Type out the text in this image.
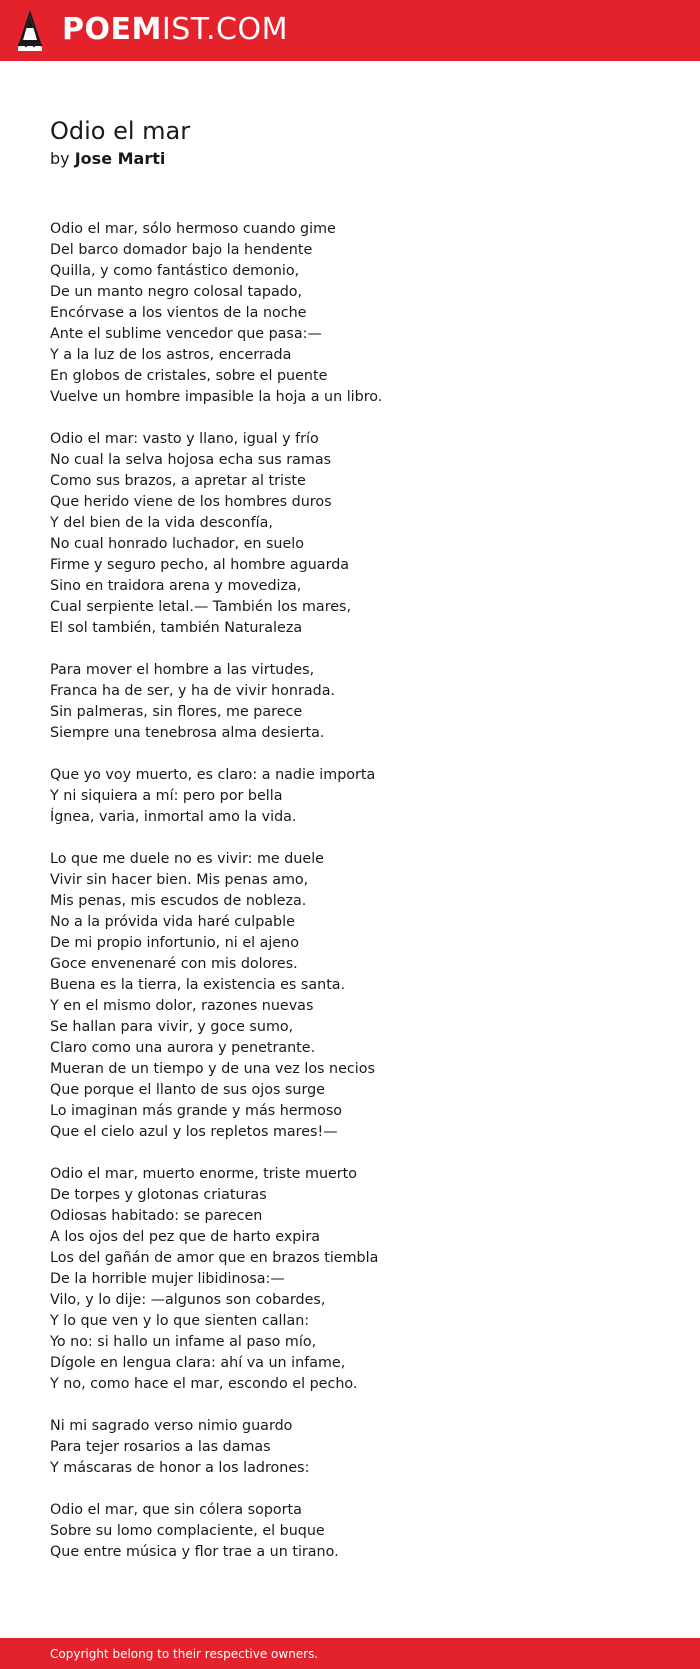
POEMIST.COM
Odio el mar
by Jose Marti
Odio el mar, sólo hermoso cuando gime
Del barco domador bajo la hendente
Quilla, y como fantástico demonio,
De un manto negro colosal tapado,
Encórvase a los vientos de la noche
Ante el sublime vencedor que pasa:—
Y a la luz de los astros, encerrada
En globos de cristales, sobre el puente
Vuelve un hombre impasible la hoja a un libro.
Odio el mar: vasto y llano, igual y frío
No cual la selva hojosa echa sus ramas
Como sus brazos, a apretar al triste
Que herido viene de los hombres duros
Y del bien de la vida desconfía,
No cual honrado luchador, en suelo
Firme y seguro pecho, al hombre aguarda
Sino en traidora arena y movediza,
Cual serpiente letal.— También los mares,
El sol también, también Naturaleza
Para mover el hombre a las virtudes,
Franca ha de ser, y ha de vivir honrada.
Sin palmeras, sin flores, me parece
Siempre una tenebrosa alma desierta.
Que yo voy muerto, es claro: a nadie importa
Y ni siquiera a mí: pero por bella
Ígnea, varia, inmortal amo la vida.
Lo que me duele no es vivir: me duele
Vivir sin hacer bien. Mis penas amo,
Mis penas, mis escudos de nobleza.
No a la próvida vida haré culpable
De mi propio infortunio, ni el ajeno
Goce envenenaré con mis dolores.
Buena es la tierra, la existencia es santa.
Y en el mismo dolor, razones nuevas
Se hallan para vivir, y goce sumo,
Claro como una aurora y penetrante.
Mueran de un tiempo y de una vez los necios
Que porque el llanto de sus ojos surge
Lo imaginan más grande y más hermoso
Que el cielo azul y los repletos mares!—
Odio el mar, muerto enorme, triste muerto
De torpes y glotonas criaturas
Odiosas habitado: se parecen
A los ojos del pez que de harto expira
Los del gañán de amor que en brazos tiembla
De la horrible mujer libidinosa:—
Vilo, y lo dije: —algunos son cobardes,
Y lo que ven y lo que sienten callan:
Yo no: si hallo un infame al paso mío,
Dígole en lengua clara: ahí va un infame,
Y no, como hace el mar, escondo el pecho.
Ni mi sagrado verso nimio guardo
Para tejer rosarios a las damas
Y máscaras de honor a los ladrones:
Odio el mar, que sin cólera soporta
Sobre su lomo complaciente, el buque
Que entre música y flor trae a un tirano.
Copyright belong to their respective owners.
